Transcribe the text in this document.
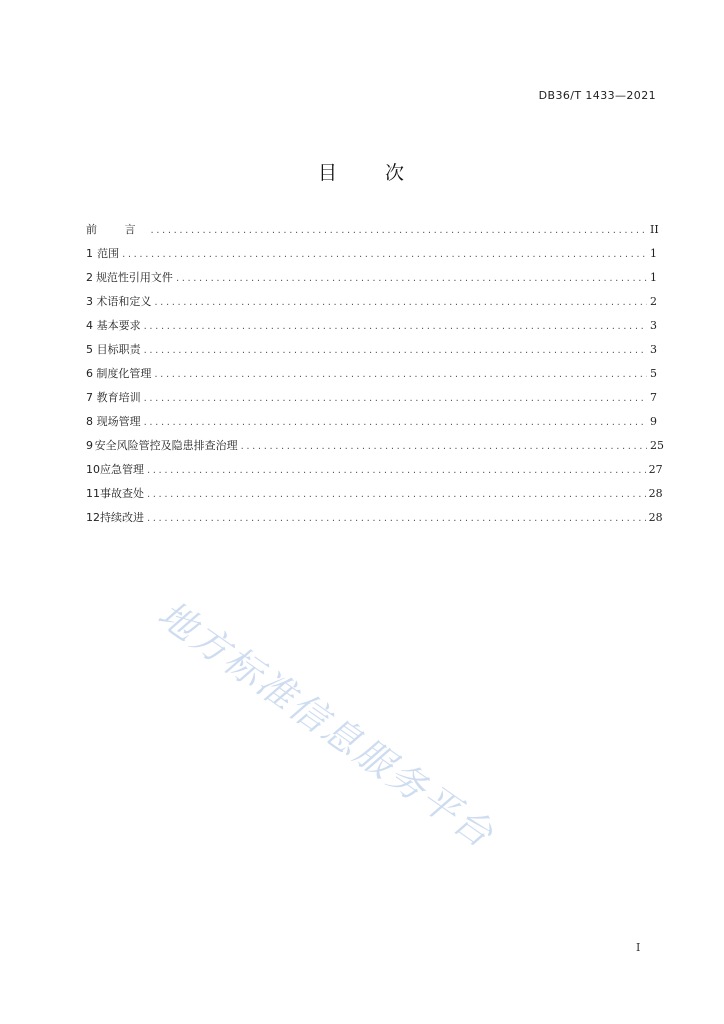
DB36/T 1433—2021
目 次
前 言 .....	II
1 范围 .....	1
2 规范性引用文件 .....	1
3 术语和定义 .....	2
4 基本要求 .....	3
5 目标职责 .....	3
6 制度化管理 .....	5
7 教育培训 .....	7
8 现场管理 .....	9
9 安全风险管控及隐患排查治理 .....	25
10 应急管理 .....	27
11 事故查处 .....	28
12 持续改进 .....	28
地方标准信息服务平台
I
